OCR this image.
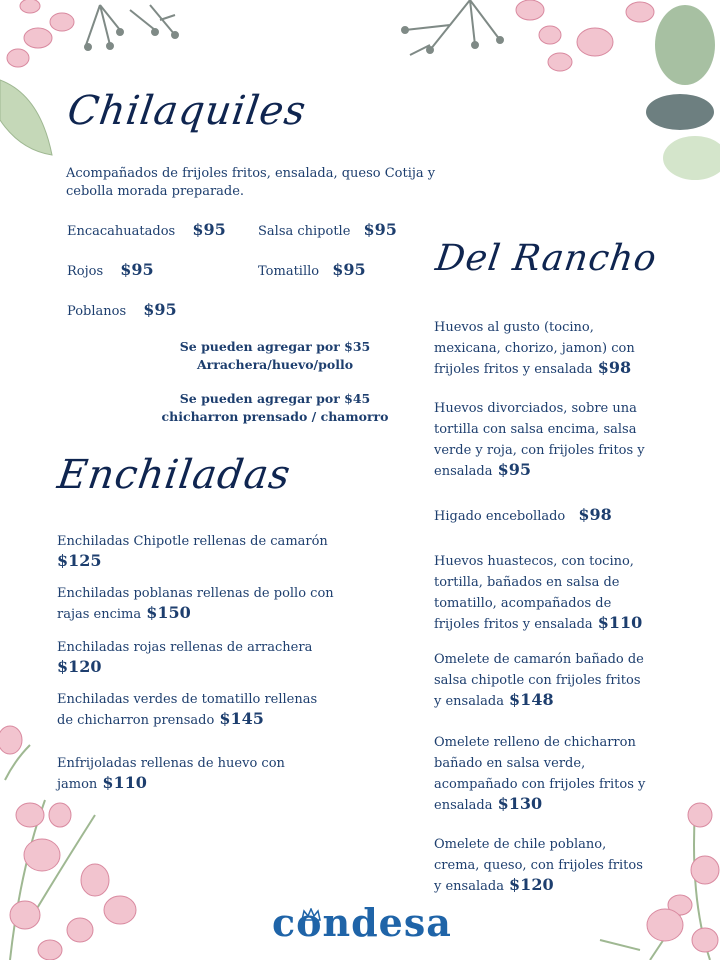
Chilaquiles
Acompañados de frijoles fritos, ensalada, queso Cotija y cebolla morada preparade.
Encacahuatados $95 Salsa chipotle $95
Rojos $95	Tomatillo $95
Poblanos $95
Se pueden agregar por $35
Arrachera/huevo/pollo
Se pueden agregar por $45
chicharron prensado / chamorro
Enchiladas
Enchiladas Chipotle rellenas de camarón $125
Enchiladas poblanas rellenas de pollo con rajas encima $150
Enchiladas rojas rellenas de arrachera $120
Enchiladas verdes de tomatillo rellenas de chicharron prensado $145
Enfrijoladas rellenas de huevo con jamon $110
Del Rancho
Huevos al gusto (tocino, mexicana, chorizo, jamon) con frijoles fritos y ensalada $98
Huevos divorciados, sobre una tortilla con salsa encima, salsa verde y roja, con frijoles fritos y ensalada $95
Higado encebollado $98
Huevos huastecos, con tocino, tortilla, bañados en salsa de tomatillo, acompañados de frijoles fritos y ensalada $110
Omelete de camarón bañado de salsa chipotle con frijoles fritos y ensalada $148
Omelete relleno de chicharron bañado en salsa verde, acompañado con frijoles fritos y ensalada $130
Omelete de chile poblano, crema, queso, con frijoles fritos y ensalada $120
condesa
